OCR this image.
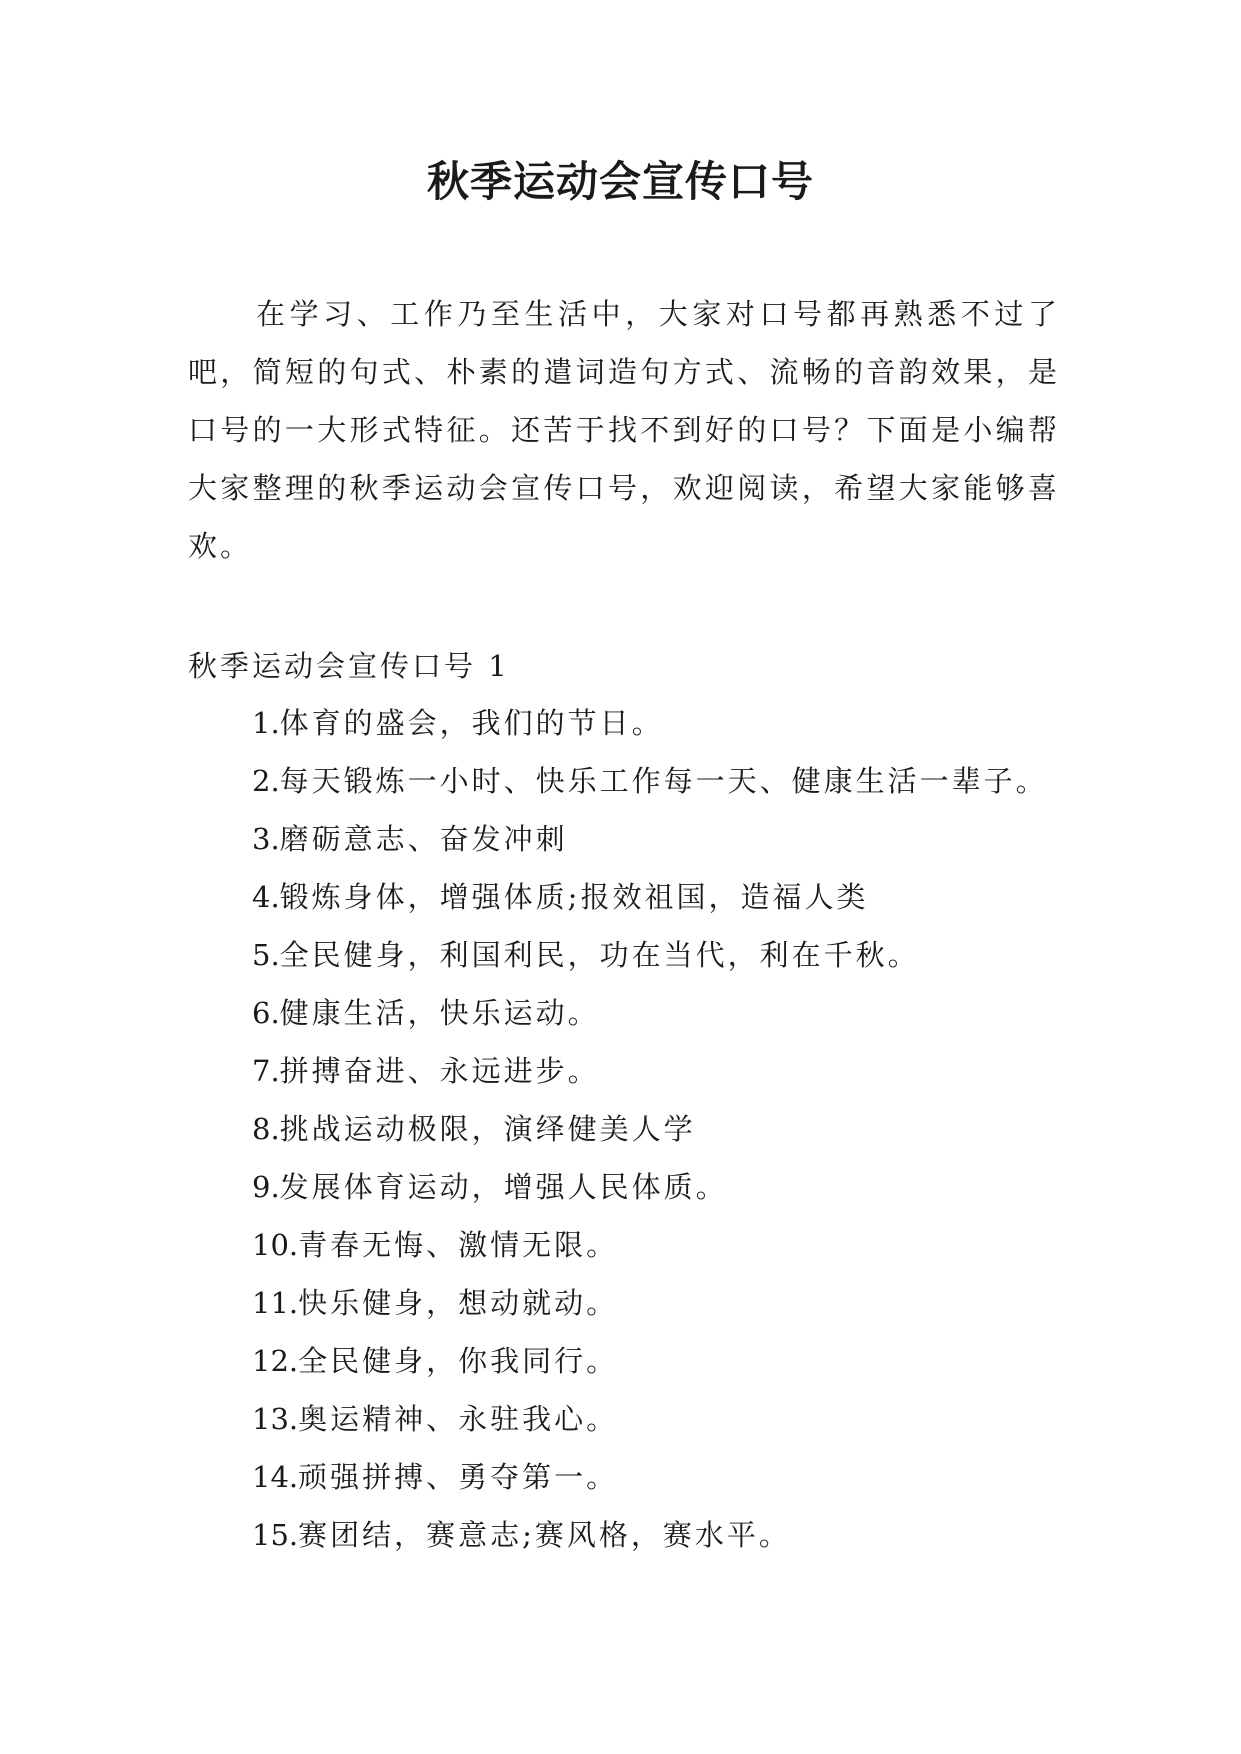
秋季运动会宣传口号

在学习、工作乃至生活中，大家对口号都再熟悉不过了吧，简短的句式、朴素的遣词造句方式、流畅的音韵效果，是口号的一大形式特征。还苦于找不到好的口号？下面是小编帮大家整理的秋季运动会宣传口号，欢迎阅读，希望大家能够喜欢。

秋季运动会宣传口号 1

1.体育的盛会，我们的节日。
2.每天锻炼一小时、快乐工作每一天、健康生活一辈子。
3.磨砺意志、奋发冲刺
4.锻炼身体，增强体质;报效祖国，造福人类
5.全民健身，利国利民，功在当代，利在千秋。
6.健康生活，快乐运动。
7.拼搏奋进、永远进步。
8.挑战运动极限，演绎健美人学
9.发展体育运动，增强人民体质。
10.青春无悔、激情无限。
11.快乐健身，想动就动。
12.全民健身，你我同行。
13.奥运精神、永驻我心。
14.顽强拼搏、勇夺第一。
15.赛团结，赛意志;赛风格，赛水平。
